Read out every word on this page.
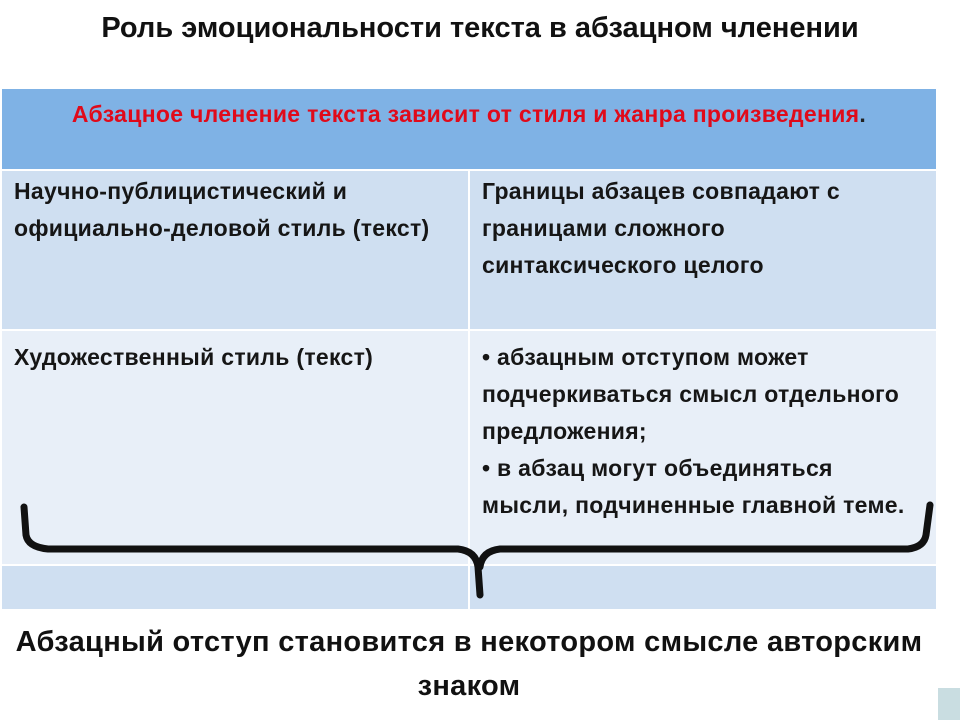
Роль эмоциональности текста в абзацном членении
Абзацное членение текста зависит от стиля и жанра произведения.	
Научно-публицистический и официально-деловой стиль (текст)	Границы абзацев совпадают с границами сложного синтаксического целого
Художественный стиль (текст)	• абзацным отступом может подчеркиваться смысл отдельного предложения;
• в абзац могут объединяться мысли, подчиненные главной теме.

Абзацный отступ становится в некотором смысле авторским знаком
